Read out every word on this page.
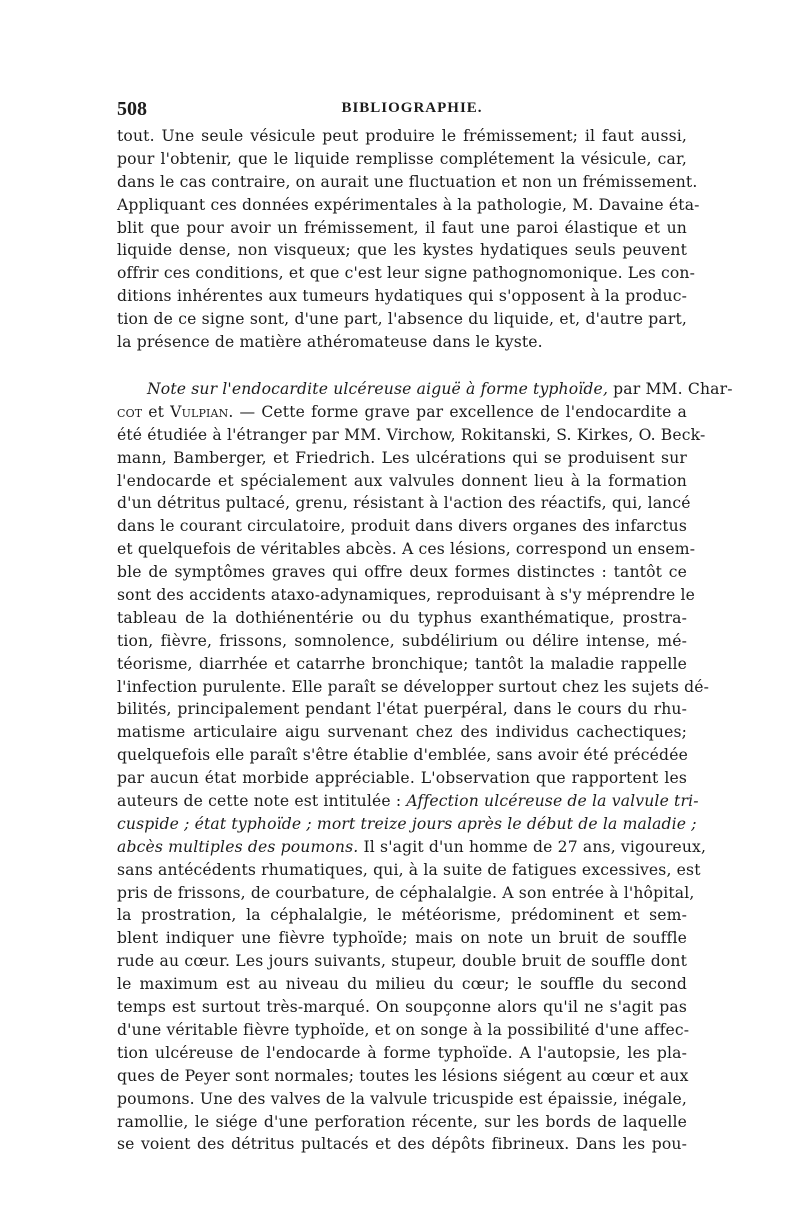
508	BIBLIOGRAPHIE.
tout. Une seule vésicule peut produire le frémissement; il faut aussi,
pour l'obtenir, que le liquide remplisse complétement la vésicule, car,
dans le cas contraire, on aurait une fluctuation et non un frémissement.
Appliquant ces données expérimentales à la pathologie, M. Davaine éta-
blit que pour avoir un frémissement, il faut une paroi élastique et un
liquide dense, non visqueux; que les kystes hydatiques seuls peuvent
offrir ces conditions, et que c'est leur signe pathognomonique. Les con-
ditions inhérentes aux tumeurs hydatiques qui s'opposent à la produc-
tion de ce signe sont, d'une part, l'absence du liquide, et, d'autre part,
la présence de matière athéromateuse dans le kyste.
Note sur l'endocardite ulcéreuse aiguë à forme typhoïde, par MM. Char-
cot et Vulpian. — Cette forme grave par excellence de l'endocardite a
été étudiée à l'étranger par MM. Virchow, Rokitanski, S. Kirkes, O. Beck-
mann, Bamberger, et Friedrich. Les ulcérations qui se produisent sur
l'endocarde et spécialement aux valvules donnent lieu à la formation
d'un détritus pultacé, grenu, résistant à l'action des réactifs, qui, lancé
dans le courant circulatoire, produit dans divers organes des infarctus
et quelquefois de véritables abcès. A ces lésions, correspond un ensem-
ble de symptômes graves qui offre deux formes distinctes : tantôt ce
sont des accidents ataxo-adynamiques, reproduisant à s'y méprendre le
tableau de la dothiénentérie ou du typhus exanthématique, prostra-
tion, fièvre, frissons, somnolence, subdélirium ou délire intense, mé-
téorisme, diarrhée et catarrhe bronchique; tantôt la maladie rappelle
l'infection purulente. Elle paraît se développer surtout chez les sujets dé-
bilités, principalement pendant l'état puerpéral, dans le cours du rhu-
matisme articulaire aigu survenant chez des individus cachectiques;
quelquefois elle paraît s'être établie d'emblée, sans avoir été précédée
par aucun état morbide appréciable. L'observation que rapportent les
auteurs de cette note est intitulée : Affection ulcéreuse de la valvule tri-
cuspide ; état typhoïde ; mort treize jours après le début de la maladie ;
abcès multiples des poumons. Il s'agit d'un homme de 27 ans, vigoureux,
sans antécédents rhumatiques, qui, à la suite de fatigues excessives, est
pris de frissons, de courbature, de céphalalgie. A son entrée à l'hôpital,
la prostration, la céphalalgie, le météorisme, prédominent et sem-
blent indiquer une fièvre typhoïde; mais on note un bruit de souffle
rude au cœur. Les jours suivants, stupeur, double bruit de souffle dont
le maximum est au niveau du milieu du cœur; le souffle du second
temps est surtout très-marqué. On soupçonne alors qu'il ne s'agit pas
d'une véritable fièvre typhoïde, et on songe à la possibilité d'une affec-
tion ulcéreuse de l'endocarde à forme typhoïde. A l'autopsie, les pla-
ques de Peyer sont normales; toutes les lésions siégent au cœur et aux
poumons. Une des valves de la valvule tricuspide est épaissie, inégale,
ramollie, le siége d'une perforation récente, sur les bords de laquelle
se voient des détritus pultacés et des dépôts fibrineux. Dans les pou-
